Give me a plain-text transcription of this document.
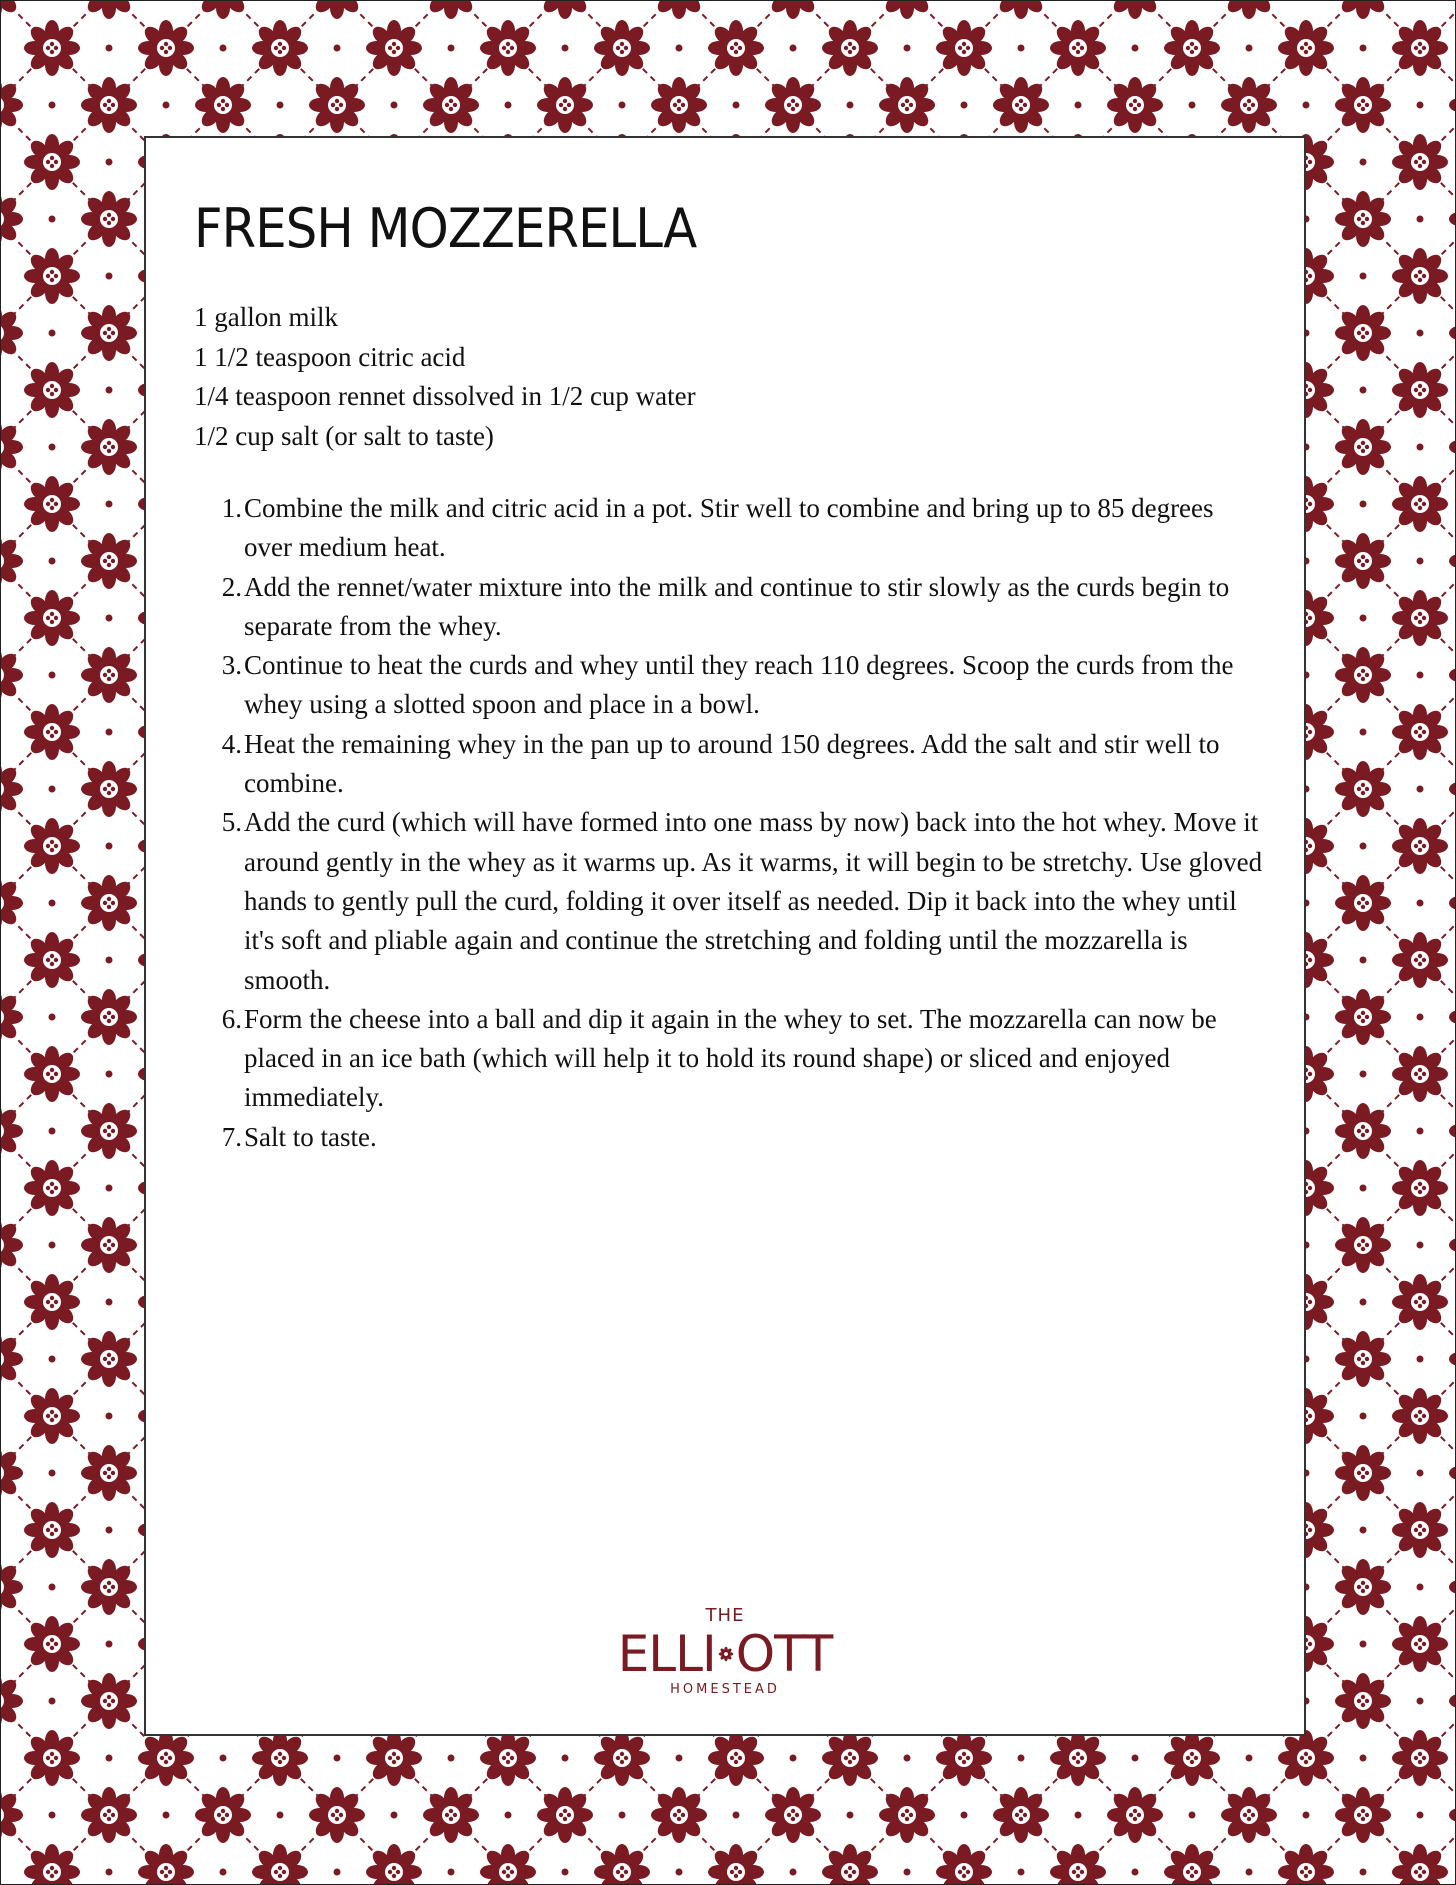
FRESH MOZZERELLA
1 gallon milk
1 1/2 teaspoon citric acid
1/4 teaspoon rennet dissolved in 1/2 cup water
1/2 cup salt (or salt to taste)
1. Combine the milk and citric acid in a pot. Stir well to combine and bring up to 85 degrees over medium heat.
2. Add the rennet/water mixture into the milk and continue to stir slowly as the curds begin to separate from the whey.
3. Continue to heat the curds and whey until they reach 110 degrees. Scoop the curds from the whey using a slotted spoon and place in a bowl.
4. Heat the remaining whey in the pan up to around 150 degrees. Add the salt and stir well to combine.
5. Add the curd (which will have formed into one mass by now) back into the hot whey. Move it around gently in the whey as it warms up. As it warms, it will begin to be stretchy. Use gloved hands to gently pull the curd, folding it over itself as needed. Dip it back into the whey until it's soft and pliable again and continue the stretching and folding until the mozzarella is smooth.
6. Form the cheese into a ball and dip it again in the whey to set. The mozzarella can now be placed in an ice bath (which will help it to hold its round shape) or sliced and enjoyed immediately.
7. Salt to taste.
THE
ELLI OTT
HOMESTEAD
